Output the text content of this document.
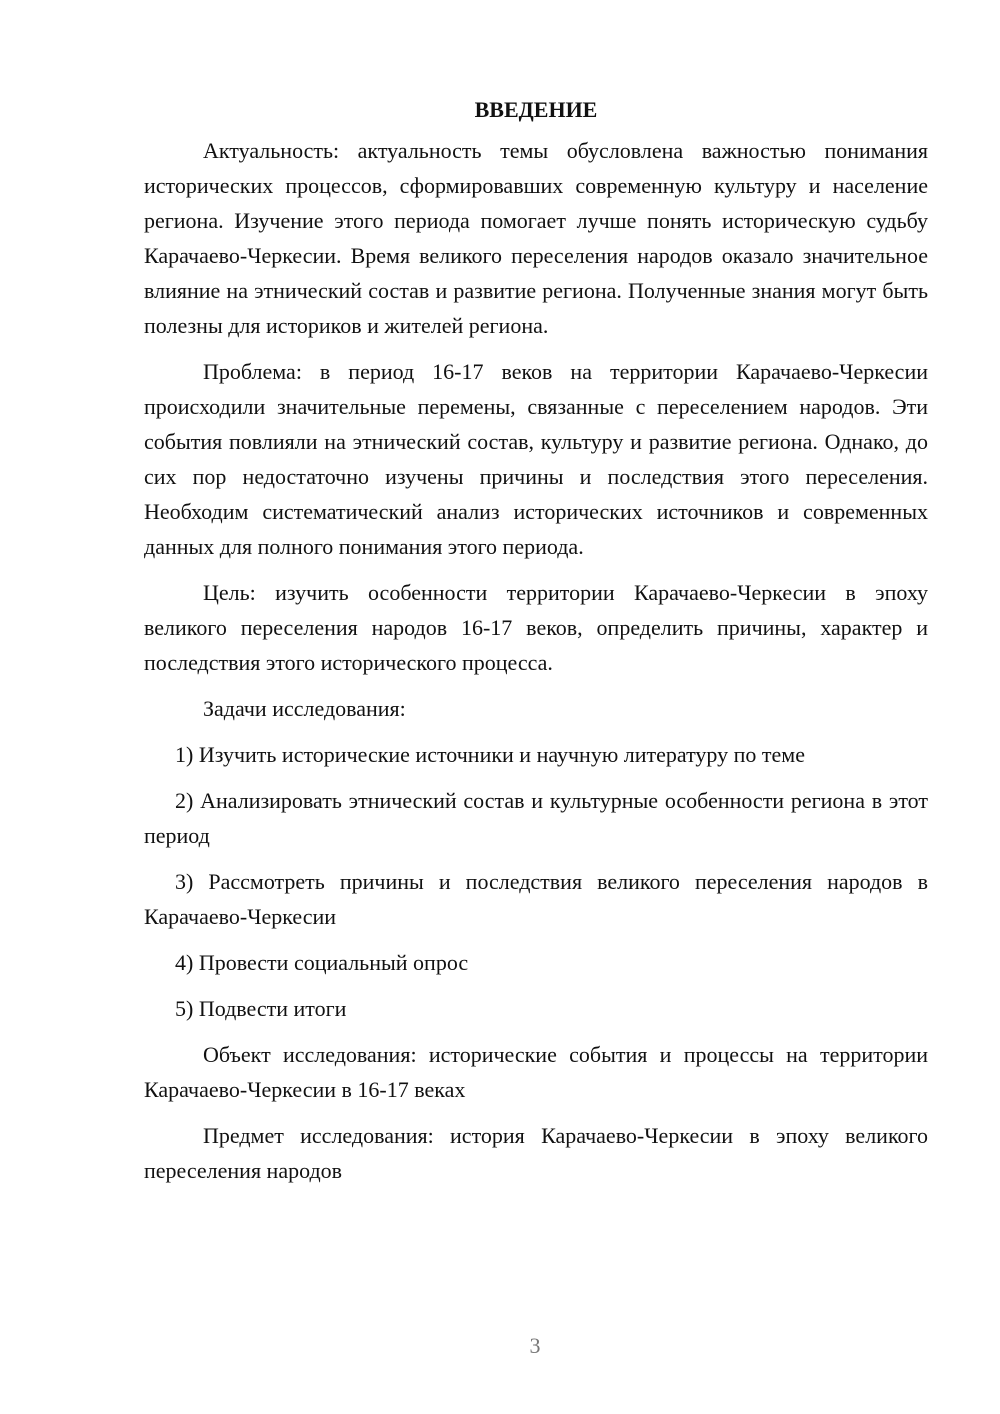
ВВЕДЕНИЕ

Актуальность: актуальность темы обусловлена важностью понимания исторических процессов, сформировавших современную культуру и население региона. Изучение этого периода помогает лучше понять историческую судьбу Карачаево-Черкесии. Время великого переселения народов оказало значительное влияние на этнический состав и развитие региона. Полученные знания могут быть полезны для историков и жителей региона.

Проблема: в период 16-17 веков на территории Карачаево-Черкесии происходили значительные перемены, связанные с переселением народов. Эти события повлияли на этнический состав, культуру и развитие региона. Однако, до сих пор недостаточно изучены причины и последствия этого переселения. Необходим систематический анализ исторических источников и современных данных для полного понимания этого периода.

Цель: изучить особенности территории Карачаево-Черкесии в эпоху великого переселения народов 16-17 веков, определить причины, характер и последствия этого исторического процесса.

Задачи исследования:

1) Изучить исторические источники и научную литературу по теме

2) Анализировать этнический состав и культурные особенности региона в этот период

3) Рассмотреть причины и последствия великого переселения народов в Карачаево-Черкесии

4) Провести социальный опрос

5) Подвести итоги

Объект исследования: исторические события и процессы на территории Карачаево-Черкесии в 16-17 веках

Предмет исследования: история Карачаево-Черкесии в эпоху великого переселения народов

3
